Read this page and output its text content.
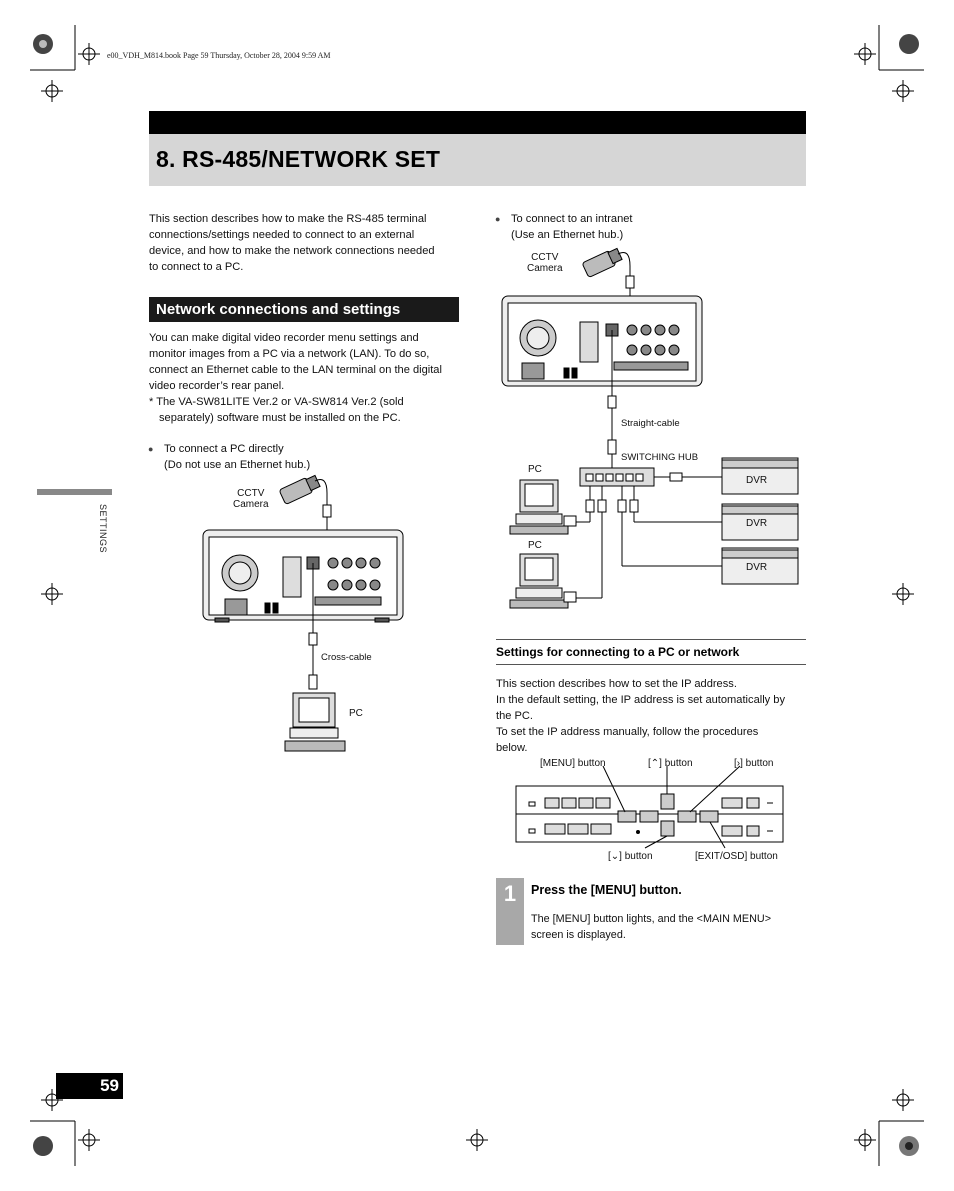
e00_VDH_M814.book Page 59 Thursday, October 28, 2004 9:59 AM
8. RS-485/NETWORK SET
This section describes how to make the RS-485 terminal
connections/settings needed to connect to an external
device, and how to make the network connections needed
to connect to a PC.
Network connections and settings
You can make digital video recorder menu settings and
monitor images from a PC via a network (LAN). To do so,
connect an Ethernet cable to the LAN terminal on the digital
video recorder’s rear panel.
* The VA-SW81LITE Ver.2 or VA-SW814 Ver.2 (sold
separately) software must be installed on the PC.
● To connect a PC directly
(Do not use an Ethernet hub.)
CCTV
Camera
Cross-cable
PC
SETTINGS
● To connect to an intranet
(Use an Ethernet hub.)
CCTV
Camera
Straight-cable
SWITCHING HUB
PC
PC
DVR
DVR
DVR
Settings for connecting to a PC or network
This section describes how to set the IP address.
In the default setting, the IP address is set automatically by
the PC.
To set the IP address manually, follow the procedures
below.
[MENU] button	[⌃] button	[›] button
[⌄] button	[EXIT/OSD] button
1	Press the [MENU] button.
The [MENU] button lights, and the <MAIN MENU>
screen is displayed.
59
